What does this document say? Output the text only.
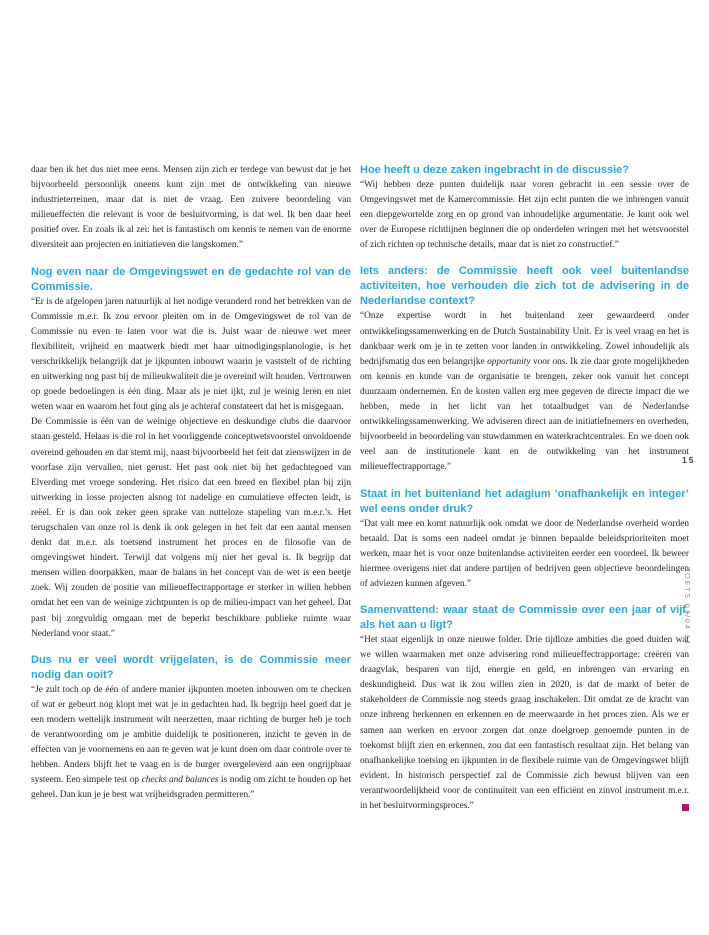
daar ben ik het dus niet mee eens. Mensen zijn zich er terdege van bewust dat je het bijvoorbeeld persoonlijk oneens kunt zijn met de ontwikkeling van nieuwe industrieterreinen, maar dat is niet de vraag. Een zuivere beoordeling van milieueffecten die relevant is voor de besluitvorming, is dat wel. Ik ben daar heel positief over. En zoals ik al zei: het is fantastisch om kennis te nemen van de enorme diversiteit aan projecten en initiatieven die langskomen.”

Nog even naar de Omgevingswet en de gedachte rol van de Commissie.

“Er is de afgelopen jaren natuurlijk al het nodige veranderd rond het betrekken van de Commissie m.e.r. Ik zou ervoor pleiten om in de Omgevingswet de rol van de Commissie nu even te laten voor wat die is. Juist waar de nieuwe wet meer flexibiliteit, vrijheid en maatwerk biedt met haar uitnodigingsplanologie, is het verschrikkelijk belangrijk dat je ijkpunten inbouwt waarin je vaststelt of de richting en uitwerking nog past bij de milieukwaliteit die je overeind wilt houden. Vertrouwen op goede bedoelingen is één ding. Maar als je niet ijkt, zul je weinig leren en niet weten waar en waarom het fout ging als je achteraf constateert dat het is misgegaan.

De Commissie is één van de weinige objectieve en deskundige clubs die daarvoor staan gesteld. Helaas is die rol in het voorliggende conceptwetsvoorstel onvoldoende overeind gehouden en dat stemt mij, naast bijvoorbeeld het feit dat zienswijzen in de voorfase zijn vervallen, niet gerust. Het past ook niet bij het gedachtegoed van Elverding met vroege sondering. Het risico dat een breed en flexibel plan bij zijn uitwerking in losse projecten alsnog tot nadelige en cumulatieve effecten leidt, is reëel. Er is dan ook zeker geen sprake van nutteloze stapeling van m.e.r.’s. Het terugschalen van onze rol is denk ik ook gelegen in het feit dat een aantal mensen denkt dat m.e.r. als toetsend instrument het proces en de filosofie van de omgevingswet hindert. Terwijl dat volgens mij niet het geval is. Ik begrijp dat mensen willen doorpakken, maar de balans in het concept van de wet is een beetje zoek. Wij zouden de positie van milieueffectrapportage er sterker in willen hebben omdat het een van de weinige zichtpunten is op de milieu-impact van het geheel. Dat past bij zorgvuldig omgaan met de beperkt beschikbare publieke ruimte waar Nederland voor staat.”

Dus nu er veel wordt vrijgelaten, is de Commissie meer nodig dan ooit?

“Je zult toch op de één of andere manier ijkpunten moeten inbouwen om te checken of wat er gebeurt nog klopt met wat je in gedachten had. Ik begrijp heel goed dat je een modern wettelijk instrument wilt neerzetten, maar richting de burger heb je toch de verantwoording om je ambitie duidelijk te positioneren, inzicht te geven in de effecten van je voornemens en aan te geven wat je kunt doen om daar controle over te hebben. Anders blijft het te vaag en is de burger overgeleverd aan een ongrijpbaar systeem. Een simpele test op checks and balances is nodig om zicht te houden op het geheel. Dan kun je je best wat vrijheidsgraden permitteren.”

Hoe heeft u deze zaken ingebracht in de discussie?

“Wij hebben deze punten duidelijk naar voren gebracht in een sessie over de Omgevingswet met de Kamercommissie. Het zijn echt punten die we inbrengen vanuit een diepgewortelde zorg en op grond van inhoudelijke argumentatie. Je kunt ook wel over de Europese richtlijnen beginnen die op onderdelen wringen met het wetsvoorstel of zich richten op technische details, maar dat is niet zo constructief.”

Iets anders: de Commissie heeft ook veel buitenlandse activiteiten, hoe verhouden die zich tot de advisering in de Nederlandse context?

“Onze expertise wordt in het buitenland zeer gewaardeerd onder ontwikkelingssamenwerking en de Dutch Sustainability Unit. Er is veel vraag en het is dankbaar werk om je in te zetten voor landen in ontwikkeling. Zowel inhoudelijk als bedrijfsmatig dus een belangrijke opportunity voor ons. Ik zie daar grote mogelijkheden om kennis en kunde van de organisatie te brengen, zeker ook vanuit het concept duurzaam ondernemen. En de kosten vallen erg mee gegeven de directe impact die we hebben, mede in het licht van het totaalbudget van de Nederlandse ontwikkelingssamenwerking. We adviseren direct aan de initiatiefnemers en overheden, bijvoorbeeld in beoordeling van stuwdammen en waterkrachtcentrales. En we doen ook veel aan de institutionele kant en de ontwikkeling van het instrument milieueffectrapportage.”

Staat in het buitenland het adagium ‘onafhankelijk en integer’ wel eens onder druk?

“Dat valt mee en komt natuurlijk ook omdat we door de Nederlandse overheid worden betaald. Dat is soms een nadeel omdat je binnen bepaalde beleidsprioriteiten moet werken, maar het is voor onze buitenlandse activiteiten eerder een voordeel. Ik beweer hiermee overigens niet dat andere partijen of bedrijven geen objectieve beoordelingen of adviezen kunnen afgeven.”

Samenvattend: waar staat de Commissie over een jaar of vijf, als het aan u ligt?

“Het staat eigenlijk in onze nieuwe folder. Drie tijdloze ambities die goed duiden wat we willen waarmaken met onze advisering rond milieueffectrapportage: creëren van draagvlak, besparen van tijd, energie en geld, en inbrengen van ervaring en deskundigheid. Dus wat ik zou willen zien in 2020, is dat de markt of beter de stakeholders de Commissie nog steeds graag inschakelen. Dit omdat ze de kracht van onze inbreng herkennen en erkennen en de meerwaarde in het proces zien. Als we er samen aan werken en ervoor zorgen dat onze doelgroep genoemde punten in de toekomst blijft zien en erkennen, zou dat een fantastisch resultaat zijn. Het belang van onafhankelijke toetsing en ijkpunten in de flexibele ruimte van de Omgevingswet blijft evident. In historisch perspectief zal de Commissie zich bewust blijven van een verantwoordelijkheid voor de continuïteit van een efficiënt en zinvol instrument m.e.r. in het besluitvormingsproces.”

15
TOETS 03/04 14
